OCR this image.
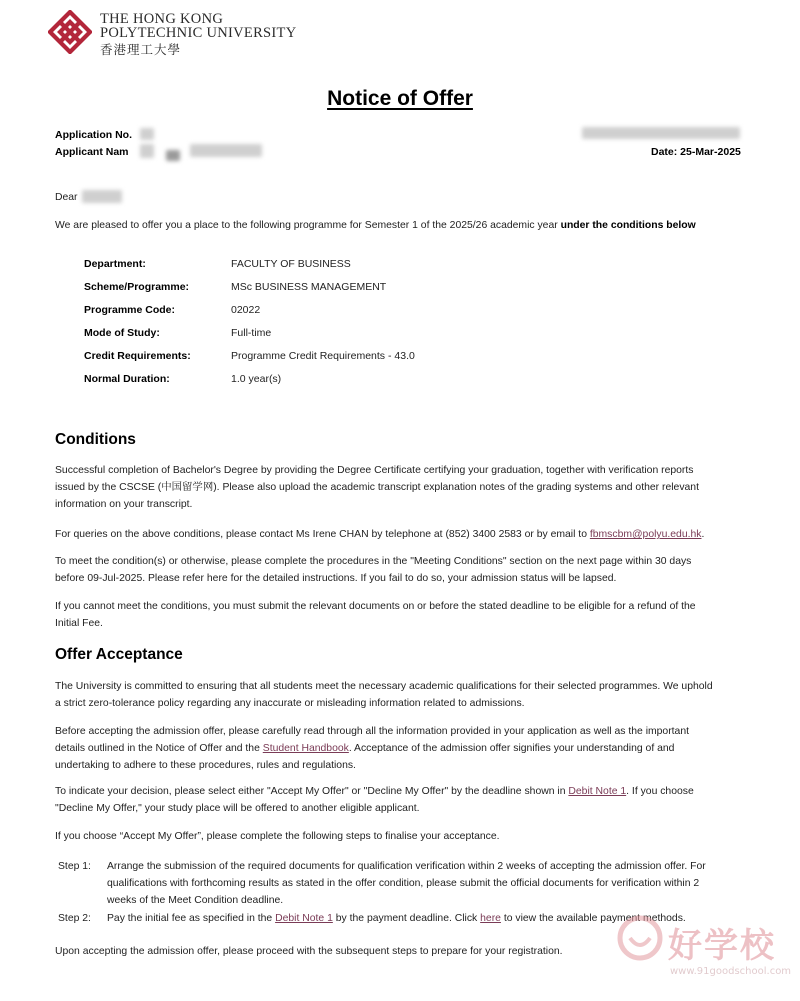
THE HONG KONG
POLYTECHNIC UNIVERSITY
香港理工大學
Notice of Offer
Application No.
Applicant Nam	Date: 25-Mar-2025
Dear
We are pleased to offer you a place to the following programme for Semester 1 of the 2025/26 academic year under the conditions below
Department:	FACULTY OF BUSINESS
Scheme/Programme:	MSc BUSINESS MANAGEMENT
Programme Code:	02022
Mode of Study:	Full-time
Credit Requirements:	Programme Credit Requirements - 43.0
Normal Duration:	1.0 year(s)
Conditions
Successful completion of Bachelor's Degree by providing the Degree Certificate certifying your graduation, together with verification reports
issued by the CSCSE (中国留学网). Please also upload the academic transcript explanation notes of the grading systems and other relevant
information on your transcript.
For queries on the above conditions, please contact Ms Irene CHAN by telephone at (852) 3400 2583 or by email to fbmscbm@polyu.edu.hk.
To meet the condition(s) or otherwise, please complete the procedures in the "Meeting Conditions" section on the next page within 30 days
before 09-Jul-2025. Please refer here for the detailed instructions. If you fail to do so, your admission status will be lapsed.
If you cannot meet the conditions, you must submit the relevant documents on or before the stated deadline to be eligible for a refund of the
Initial Fee.
Offer Acceptance
The University is committed to ensuring that all students meet the necessary academic qualifications for their selected programmes. We uphold
a strict zero-tolerance policy regarding any inaccurate or misleading information related to admissions.
Before accepting the admission offer, please carefully read through all the information provided in your application as well as the important
details outlined in the Notice of Offer and the Student Handbook. Acceptance of the admission offer signifies your understanding of and
undertaking to adhere to these procedures, rules and regulations.
To indicate your decision, please select either "Accept My Offer" or "Decline My Offer" by the deadline shown in Debit Note 1. If you choose
"Decline My Offer," your study place will be offered to another eligible applicant.
If you choose “Accept My Offer”, please complete the following steps to finalise your acceptance.
Step 1: Arrange the submission of the required documents for qualification verification within 2 weeks of accepting the admission offer. For
qualifications with forthcoming results as stated in the offer condition, please submit the official documents for verification within 2
weeks of the Meet Condition deadline.
Step 2: Pay the initial fee as specified in the Debit Note 1 by the payment deadline. Click here to view the available payment methods.
Upon accepting the admission offer, please proceed with the subsequent steps to prepare for your registration.	好学校
www.91goodschool.com
